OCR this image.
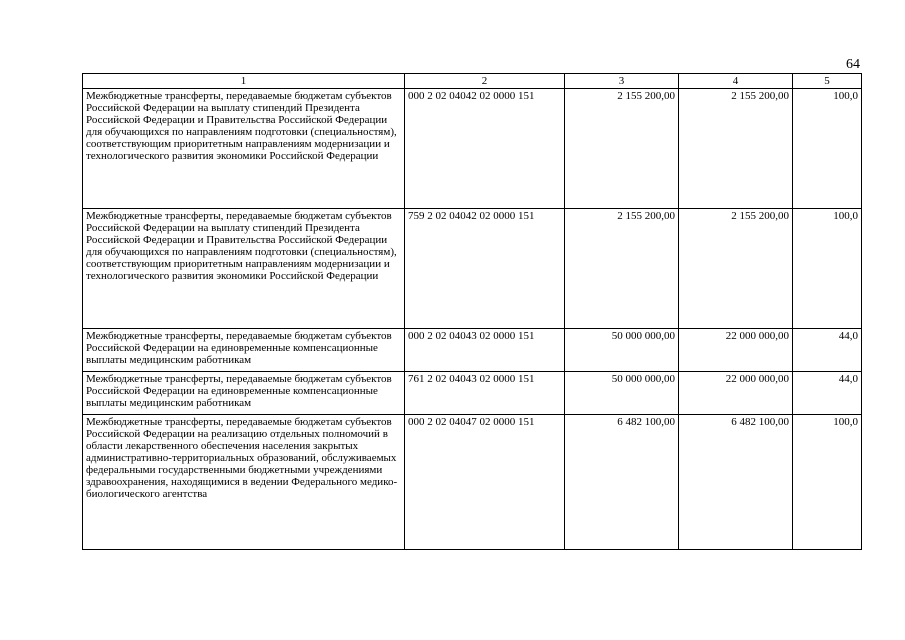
64
1	2	3	4	5
Межбюджетные трансферты, передаваемые бюджетам субъектов Российской Федерации на выплату стипендий Президента Российской Федерации и Правительства Российской Федерации для обучающихся по направлениям подготовки (специальностям), соответствующим приоритетным направлениям модернизации и технологического развития экономики Российской Федерации	000 2 02 04042 02 0000 151	2 155 200,00	2 155 200,00	100,0
Межбюджетные трансферты, передаваемые бюджетам субъектов Российской Федерации на выплату стипендий Президента Российской Федерации и Правительства Российской Федерации для обучающихся по направлениям подготовки (специальностям), соответствующим приоритетным направлениям модернизации и технологического развития экономики Российской Федерации	759 2 02 04042 02 0000 151	2 155 200,00	2 155 200,00	100,0
Межбюджетные трансферты, передаваемые бюджетам субъектов Российской Федерации на единовременные компенсационные выплаты медицинским работникам	000 2 02 04043 02 0000 151	50 000 000,00	22 000 000,00	44,0
Межбюджетные трансферты, передаваемые бюджетам субъектов Российской Федерации на единовременные компенсационные выплаты медицинским работникам	761 2 02 04043 02 0000 151	50 000 000,00	22 000 000,00	44,0
Межбюджетные трансферты, передаваемые бюджетам субъектов Российской Федерации на реализацию отдельных полномочий в области лекарственного обеспечения населения закрытых административно-территориальных образований, обслуживаемых федеральными государственными бюджетными учреждениями здравоохранения, находящимися в ведении Федерального медико-биологического агентства	000 2 02 04047 02 0000 151	6 482 100,00	6 482 100,00	100,0
